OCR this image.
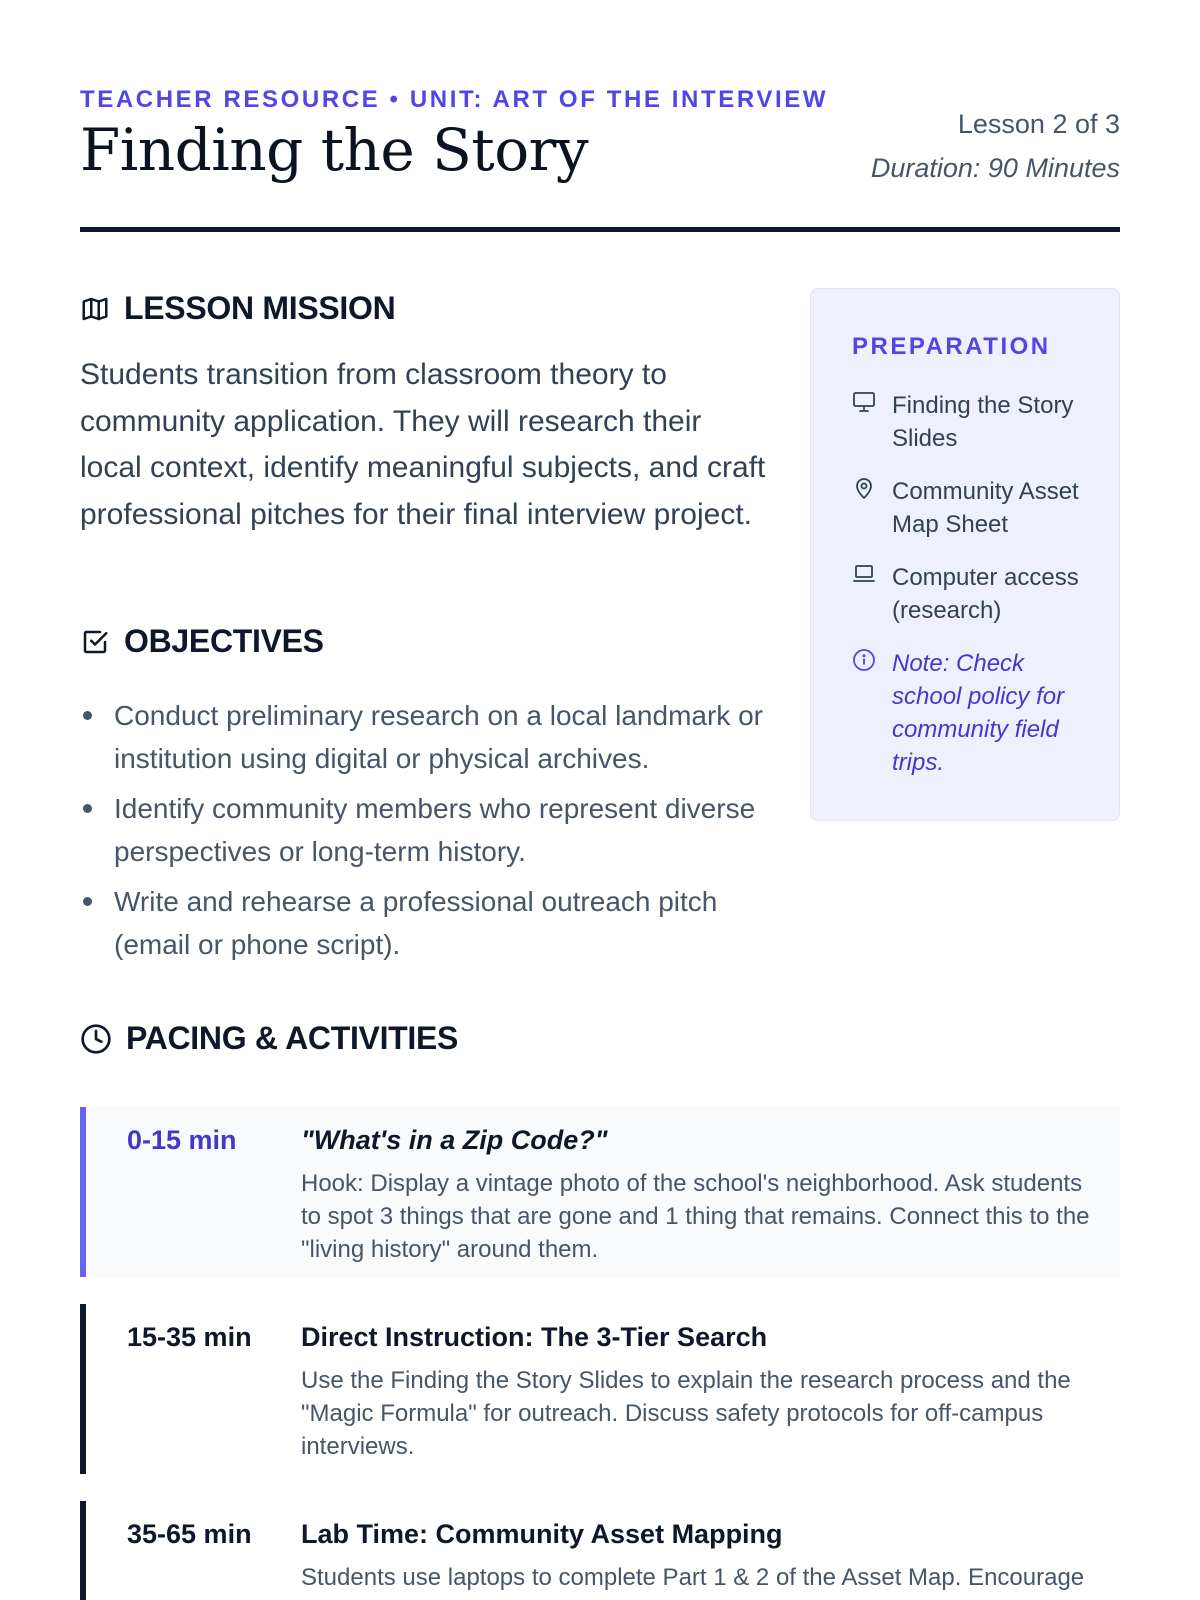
TEACHER RESOURCE • UNIT: ART OF THE INTERVIEW
Finding the Story	Lesson 2 of 3
Duration: 90 Minutes
LESSON MISSION

Students transition from classroom theory to community application. They will research their local context, identify meaningful subjects, and craft professional pitches for their final interview project.

OBJECTIVES
Conduct preliminary research on a local landmark or institution using digital or physical archives.
Identify community members who represent diverse perspectives or long-term history.
Write and rehearse a professional outreach pitch (email or phone script).
PREPARATION
Finding the Story Slides
Community Asset Map Sheet
Computer access (research)
Note: Check school policy for community field trips.
PACING & ACTIVITIES
0-15 min "What's in a Zip Code?"
Hook: Display a vintage photo of the school's neighborhood. Ask students to spot 3 things that are gone and 1 thing that remains. Connect this to the "living history" around them.
15-35 min Direct Instruction: The 3-Tier Search
Use the Finding the Story Slides to explain the research process and the "Magic Formula" for outreach. Discuss safety protocols for off-campus interviews.
35-65 min Lab Time: Community Asset Mapping
Students use laptops to complete Part 1 & 2 of the Asset Map. Encourage
